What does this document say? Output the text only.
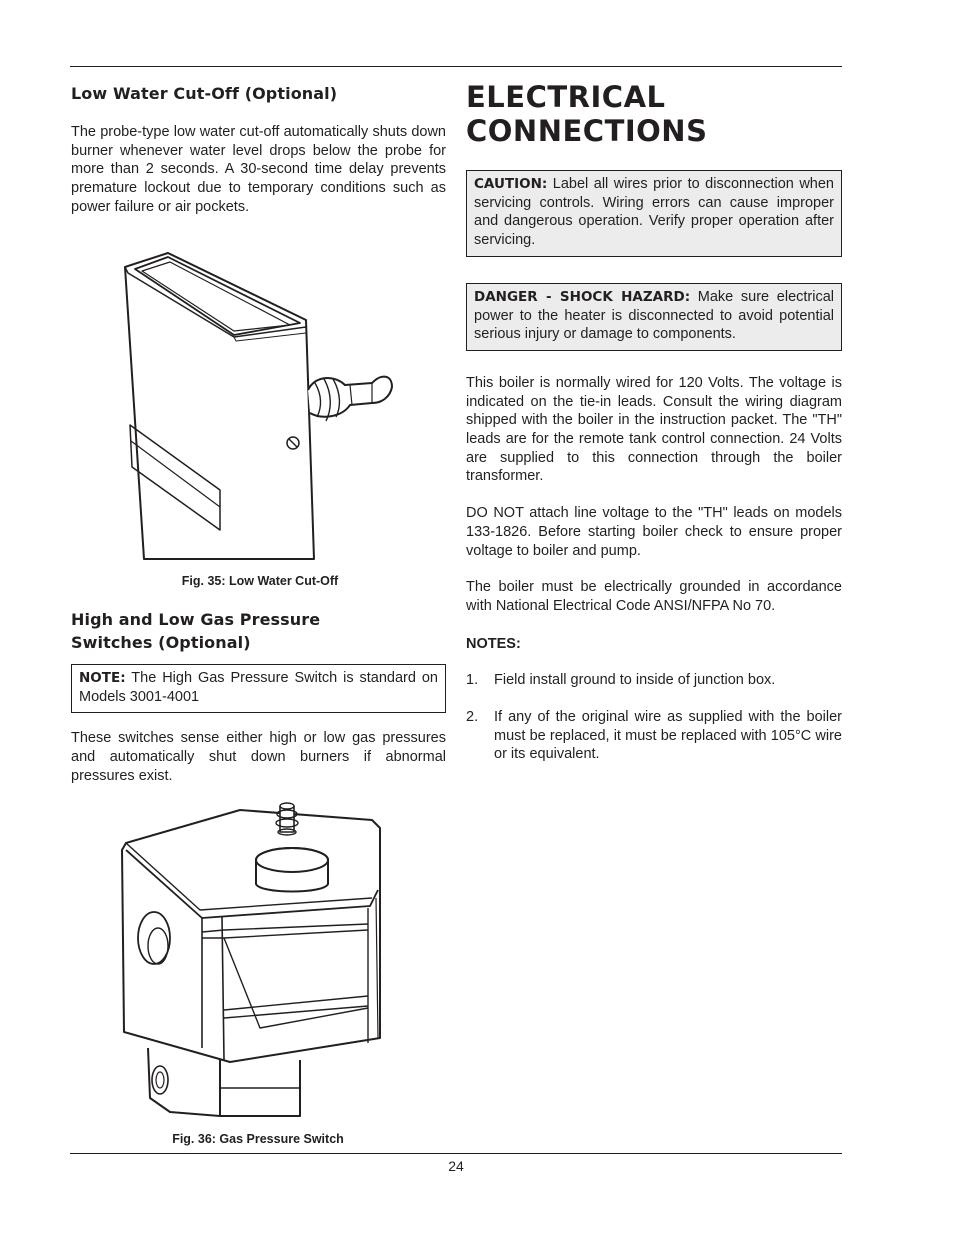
Low Water Cut-Off (Optional)

The probe-type low water cut-off automatically shuts down burner whenever water level drops below the probe for more than 2 seconds. A 30-second time delay prevents premature lockout due to temporary conditions such as power failure or air pockets.

Fig. 35: Low Water Cut-Off
High and Low Gas Pressure
Switches (Optional)
NOTE: The High Gas Pressure Switch is standard on Models 3001-4001

These switches sense either high or low gas pressures and automatically shut down burners if abnormal pressures exist.

Fig. 36: Gas Pressure Switch
ELECTRICAL
CONNECTIONS
CAUTION: Label all wires prior to disconnection when servicing controls. Wiring errors can cause improper and dangerous operation. Verify proper operation after servicing.
DANGER - SHOCK HAZARD: Make sure electrical power to the heater is disconnected to avoid potential serious injury or damage to components.

This boiler is normally wired for 120 Volts. The voltage is indicated on the tie-in leads. Consult the wiring diagram shipped with the boiler in the instruction packet. The "TH" leads are for the remote tank control connection. 24 Volts are supplied to this connection through the boiler transformer.

DO NOT attach line voltage to the "TH" leads on models 133-1826. Before starting boiler check to ensure proper voltage to boiler and pump.

The boiler must be electrically grounded in accordance with National Electrical Code ANSI/NFPA No 70.

NOTES:

1.	Field install ground to inside of junction box.
2.	If any of the original wire as supplied with the boiler must be replaced, it must be replaced with 105°C wire or its equivalent.
24
